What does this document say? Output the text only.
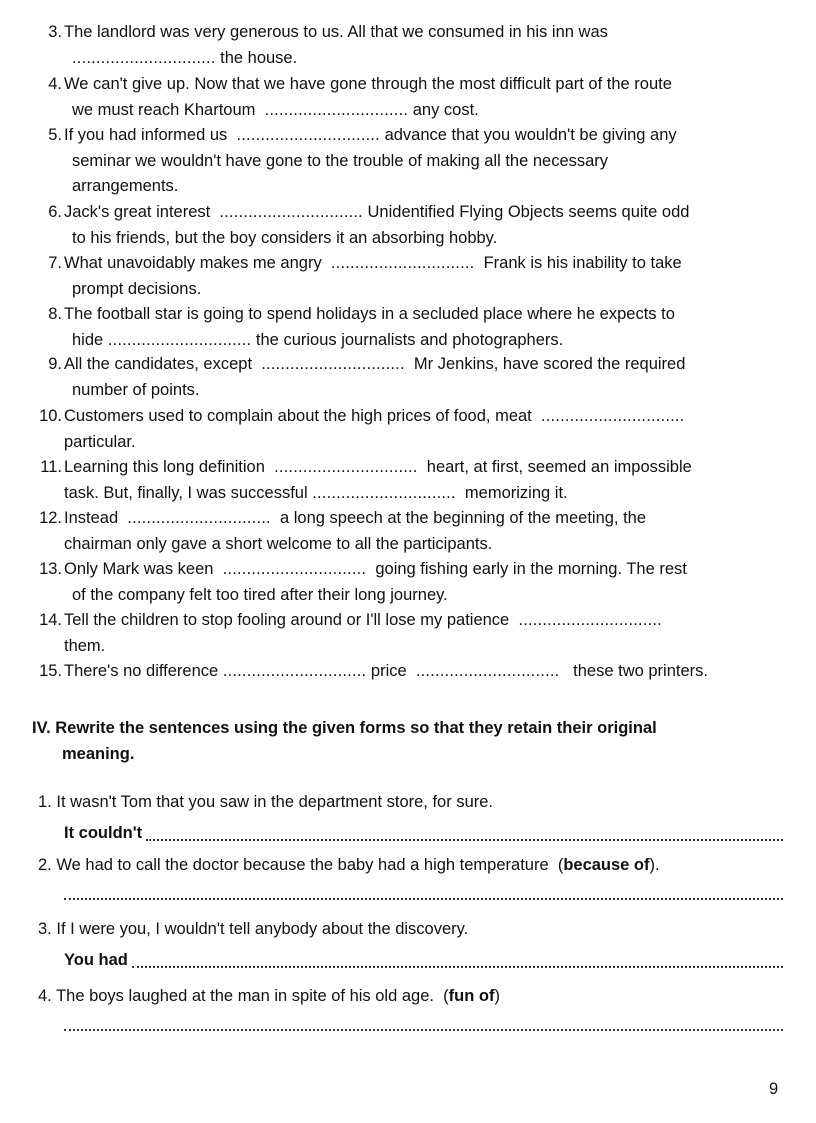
3. The landlord was very generous to us. All that we consumed in his inn was
.............................. the house.
4. We can't give up. Now that we have gone through the most difficult part of the route
we must reach Khartoum .............................. any cost.
5. If you had informed us .............................. advance that you wouldn't be giving any
seminar we wouldn't have gone to the trouble of making all the necessary
arrangements.
6. Jack's great interest .............................. Unidentified Flying Objects seems quite odd
to his friends, but the boy considers it an absorbing hobby.
7. What unavoidably makes me angry .............................. Frank is his inability to take
prompt decisions.
8. The football star is going to spend holidays in a secluded place where he expects to
hide .............................. the curious journalists and photographers.
9. All the candidates, except .............................. Mr Jenkins, have scored the required
number of points.
10. Customers used to complain about the high prices of food, meat ..............................
particular.
11. Learning this long definition .............................. heart, at first, seemed an impossible
task. But, finally, I was successful .............................. memorizing it.
12. Instead .............................. a long speech at the beginning of the meeting, the
chairman only gave a short welcome to all the participants.
13. Only Mark was keen .............................. going fishing early in the morning. The rest
of the company felt too tired after their long journey.
14. Tell the children to stop fooling around or I'll lose my patience ..............................
them.
15. There's no difference .............................. price .............................. these two printers.
IV. Rewrite the sentences using the given forms so that they retain their original
meaning.
1. It wasn't Tom that you saw in the department store, for sure.
It couldn't
2. We had to call the doctor because the baby had a high temperature (because of).
3. If I were you, I wouldn't tell anybody about the discovery.
You had
4. The boys laughed at the man in spite of his old age. (fun of)
9
